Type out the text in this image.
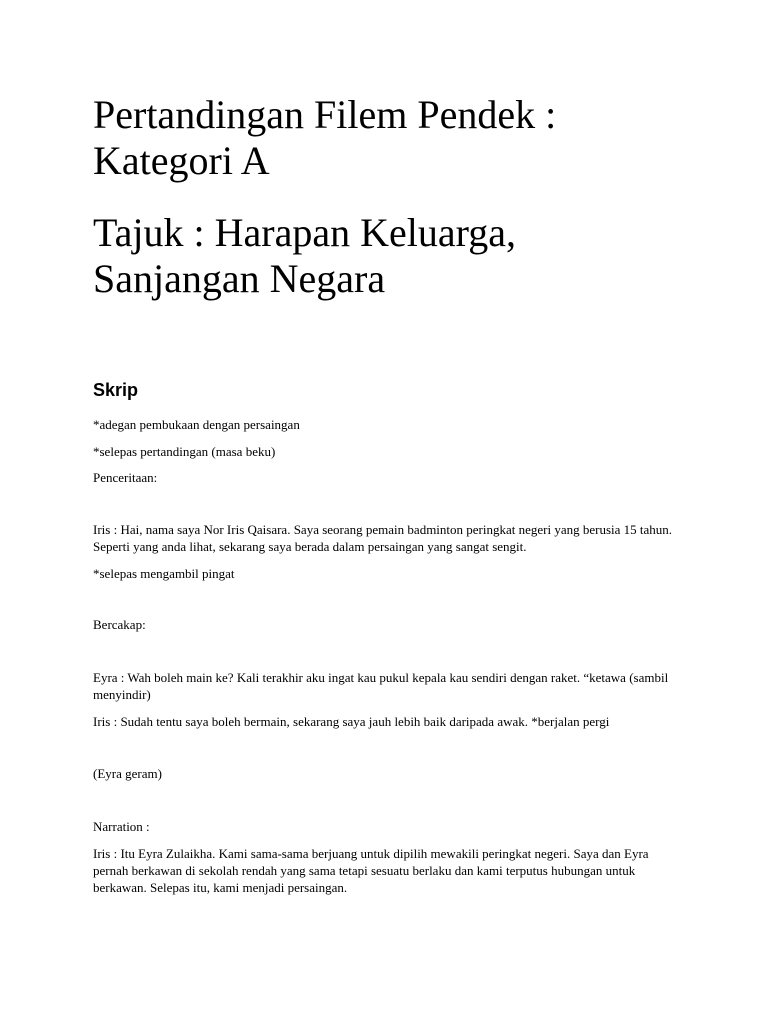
Pertandingan Filem Pendek : Kategori A
Tajuk : Harapan Keluarga, Sanjangan Negara
Skrip

*adegan pembukaan dengan persaingan

*selepas pertandingan (masa beku)

Penceritaan:

Iris : Hai, nama saya Nor Iris Qaisara. Saya seorang pemain badminton peringkat negeri yang berusia 15 tahun. Seperti yang anda lihat, sekarang saya berada dalam persaingan yang sangat sengit.

*selepas mengambil pingat

Bercakap:

Eyra : Wah boleh main ke? Kali terakhir aku ingat kau pukul kepala kau sendiri dengan raket. “ketawa (sambil menyindir)

Iris : Sudah tentu saya boleh bermain, sekarang saya jauh lebih baik daripada awak. *berjalan pergi

(Eyra geram)

Narration :

Iris : Itu Eyra Zulaikha. Kami sama-sama berjuang untuk dipilih mewakili peringkat negeri. Saya dan Eyra pernah berkawan di sekolah rendah yang sama tetapi sesuatu berlaku dan kami terputus hubungan untuk berkawan. Selepas itu, kami menjadi persaingan.
